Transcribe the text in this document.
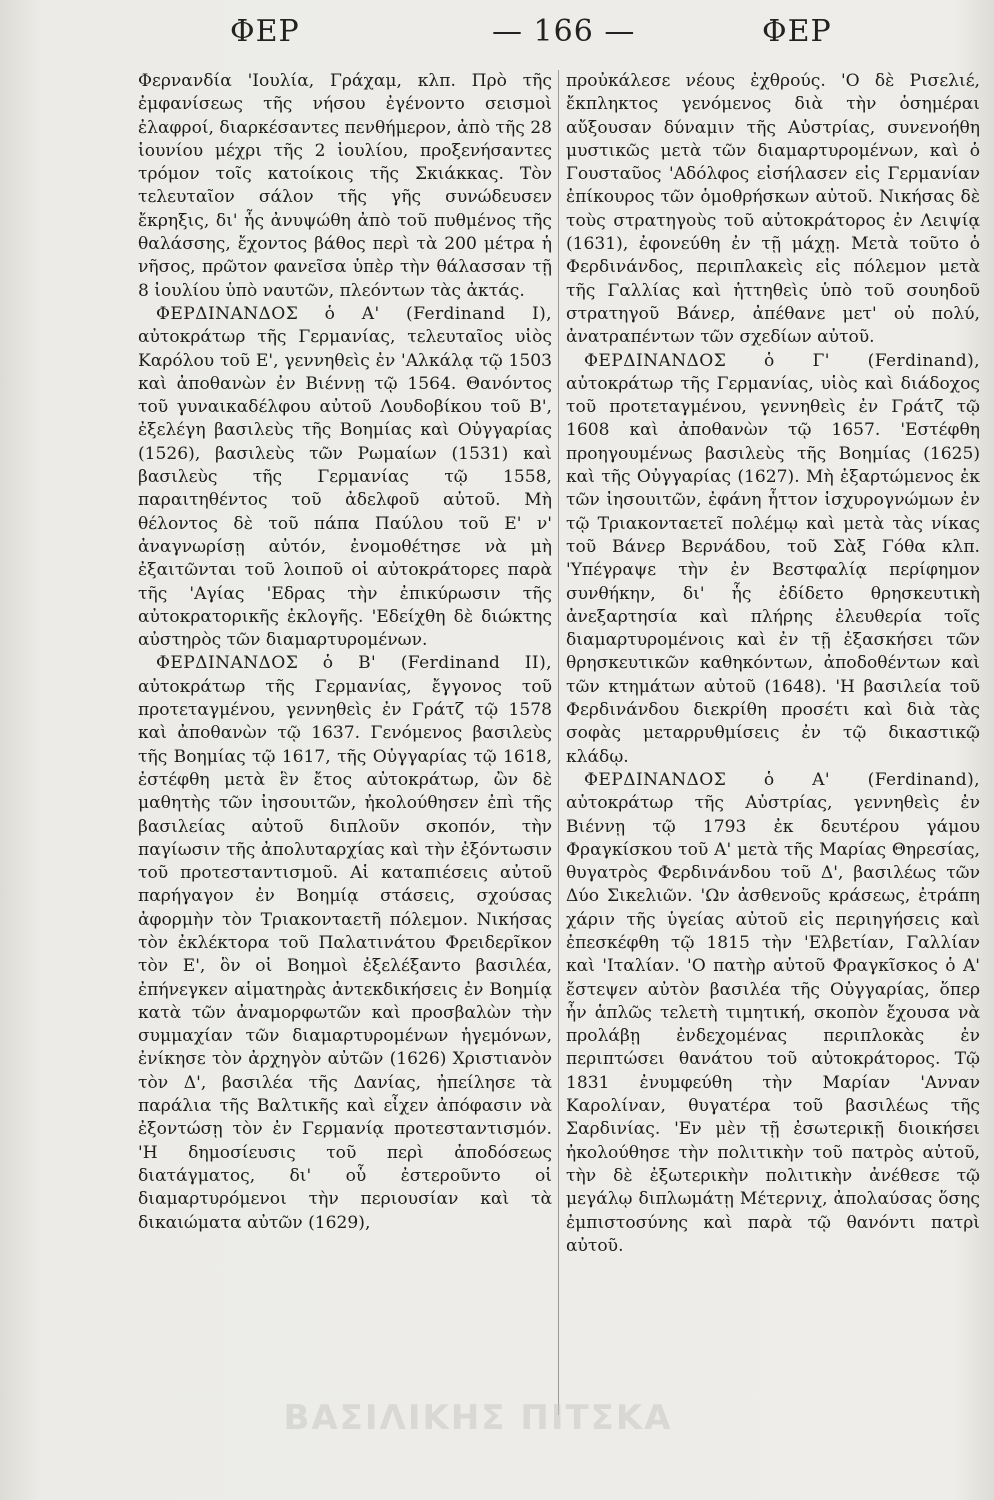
ΦΕΡ	— 166 —	ΦΕΡ

Φερνανδία 'Ιουλία, Γράχαμ, κλπ. Πρὸ τῆς ἐμφανίσεως τῆς νήσου ἐγένοντο σεισμοὶ ἐλαφροί, διαρκέσαντες πενθήμερον, ἀπὸ τῆς 28 ἰουνίου μέχρι τῆς 2 ἰουλίου, προξενήσαντες τρόμον τοῖς κατοίκοις τῆς Σκιάκκας. Τὸν τελευταῖον σάλον τῆς γῆς συνώδευσεν ἔκρηξις, δι' ἧς ἀνυψώθη ἀπὸ τοῦ πυθμένος τῆς θαλάσσης, ἔχοντος βάθος περὶ τὰ 200 μέτρα ἡ νῆσος, πρῶτον φανεῖσα ὑπὲρ τὴν θάλασσαν τῇ 8 ἰουλίου ὑπὸ ναυτῶν, πλεόντων τὰς ἀκτάς.

ΦΕΡΔΙΝΑΝΔΟΣ ὁ Α' (Ferdinand I), αὐτοκράτωρ τῆς Γερμανίας, τελευταῖος υἱὸς Καρόλου τοῦ Ε', γεννηθεὶς ἐν 'Αλκάλᾳ τῷ 1503 καὶ ἀποθανὼν ἐν Βιέννῃ τῷ 1564. Θανόντος τοῦ γυναικαδέλφου αὐτοῦ Λουδοβίκου τοῦ Β', ἐξελέγη βασιλεὺς τῆς Βοημίας καὶ Οὐγγαρίας (1526), βασιλεὺς τῶν Ρωμαίων (1531) καὶ βασιλεὺς τῆς Γερμανίας τῷ 1558, παραιτηθέντος τοῦ ἀδελφοῦ αὐτοῦ. Μὴ θέλοντος δὲ τοῦ πάπα Παύλου τοῦ Ε' ν' ἀναγνωρίσῃ αὐτόν, ἐνομοθέτησε νὰ μὴ ἐξαιτῶνται τοῦ λοιποῦ οἱ αὐτοκράτορες παρὰ τῆς 'Αγίας 'Εδρας τὴν ἐπικύρωσιν τῆς αὐτοκρατορικῆς ἐκλογῆς. 'Εδείχθη δὲ διώκτης αὐστηρὸς τῶν διαμαρτυρομένων.

ΦΕΡΔΙΝΑΝΔΟΣ ὁ Β' (Ferdinand II), αὐτοκράτωρ τῆς Γερμανίας, ἔγγονος τοῦ προτεταγμένου, γεννηθεὶς ἐν Γράτζ τῷ 1578 καὶ ἀποθανὼν τῷ 1637. Γενόμενος βασιλεὺς τῆς Βοημίας τῷ 1617, τῆς Οὐγγαρίας τῷ 1618, ἐστέφθη μετὰ ἓν ἔτος αὐτοκράτωρ, ὢν δὲ μαθητὴς τῶν ἰησουιτῶν, ἠκολούθησεν ἐπὶ τῆς βασιλείας αὐτοῦ διπλοῦν σκοπόν, τὴν παγίωσιν τῆς ἀπολυταρχίας καὶ τὴν ἐξόντωσιν τοῦ προτεσταντισμοῦ. Αἱ καταπιέσεις αὐτοῦ παρήγαγον ἐν Βοημίᾳ στάσεις, σχούσας ἀφορμὴν τὸν Τριακονταετῆ πόλεμον. Νικήσας τὸν ἐκλέκτορα τοῦ Παλατινάτου Φρειδερῖκον τὸν Ε', ὃν οἱ Βοημοὶ ἐξελέξαντο βασιλέα, ἐπήνεγκεν αἱματηρὰς ἀντεκδικήσεις ἐν Βοημίᾳ κατὰ τῶν ἀναμορφωτῶν καὶ προσβαλὼν τὴν συμμαχίαν τῶν διαμαρτυρομένων ἡγεμόνων, ἐνίκησε τὸν ἀρχηγὸν αὐτῶν (1626) Χριστιανὸν τὸν Δ', βασιλέα τῆς Δανίας, ἠπείλησε τὰ παράλια τῆς Βαλτικῆς καὶ εἶχεν ἀπόφασιν νὰ ἐξοντώσῃ τὸν ἐν Γερμανίᾳ προτεσταντισμόν. 'Η δημοσίευσις τοῦ περὶ ἀποδόσεως διατάγματος, δι' οὗ ἐστεροῦντο οἱ διαμαρτυρόμενοι τὴν περιουσίαν καὶ τὰ δικαιώματα αὐτῶν (1629),

προὐκάλεσε νέους ἐχθρούς. 'Ο δὲ Ρισελιέ, ἔκπληκτος γενόμενος διὰ τὴν ὁσημέραι αὔξουσαν δύναμιν τῆς Αὐστρίας, συνενοήθη μυστικῶς μετὰ τῶν διαμαρτυρομένων, καὶ ὁ Γουσταῦος 'Αδόλφος εἰσήλασεν εἰς Γερμανίαν ἐπίκουρος τῶν ὁμοθρήσκων αὐτοῦ. Νικήσας δὲ τοὺς στρατηγοὺς τοῦ αὐτοκράτορος ἐν Λειψίᾳ (1631), ἐφονεύθη ἐν τῇ μάχῃ. Μετὰ τοῦτο ὁ Φερδινάνδος, περιπλακεὶς εἰς πόλεμον μετὰ τῆς Γαλλίας καὶ ἡττηθεὶς ὑπὸ τοῦ σουηδοῦ στρατηγοῦ Βάνερ, ἀπέθανε μετ' οὐ πολύ, ἀνατραπέντων τῶν σχεδίων αὐτοῦ.

ΦΕΡΔΙΝΑΝΔΟΣ ὁ Γ' (Ferdinand), αὐτοκράτωρ τῆς Γερμανίας, υἱὸς καὶ διάδοχος τοῦ προτεταγμένου, γεννηθεὶς ἐν Γράτζ τῷ 1608 καὶ ἀποθανὼν τῷ 1657. 'Εστέφθη προηγουμένως βασιλεὺς τῆς Βοημίας (1625) καὶ τῆς Οὐγγαρίας (1627). Μὴ ἐξαρτώμενος ἐκ τῶν ἰησουιτῶν, ἐφάνη ἧττον ἰσχυρογνώμων ἐν τῷ Τριακονταετεῖ πολέμῳ καὶ μετὰ τὰς νίκας τοῦ Βάνερ Βερνάδου, τοῦ Σὰξ Γόθα κλπ. 'Υπέγραψε τὴν ἐν Βεστφαλίᾳ περίφημον συνθήκην, δι' ἧς ἐδίδετο θρησκευτικὴ ἀνεξαρτησία καὶ πλήρης ἐλευθερία τοῖς διαμαρτυρομένοις καὶ ἐν τῇ ἐξασκήσει τῶν θρησκευτικῶν καθηκόντων, ἀποδοθέντων καὶ τῶν κτημάτων αὐτοῦ (1648). 'Η βασιλεία τοῦ Φερδινάνδου διεκρίθη προσέτι καὶ διὰ τὰς σοφὰς μεταρρυθμίσεις ἐν τῷ δικαστικῷ κλάδῳ.

ΦΕΡΔΙΝΑΝΔΟΣ ὁ Α' (Ferdinand), αὐτοκράτωρ τῆς Αὐστρίας, γεννηθεὶς ἐν Βιέννῃ τῷ 1793 ἐκ δευτέρου γάμου Φραγκίσκου τοῦ Α' μετὰ τῆς Μαρίας Θηρεσίας, θυγατρὸς Φερδινάνδου τοῦ Δ', βασιλέως τῶν Δύο Σικελιῶν. 'Ων ἀσθενοῦς κράσεως, ἐτράπη χάριν τῆς ὑγείας αὐτοῦ εἰς περιηγήσεις καὶ ἐπεσκέφθη τῷ 1815 τὴν 'Ελβετίαν, Γαλλίαν καὶ 'Ιταλίαν. 'Ο πατὴρ αὐτοῦ Φραγκῖσκος ὁ Α' ἔστεψεν αὐτὸν βασιλέα τῆς Οὐγγαρίας, ὅπερ ἦν ἁπλῶς τελετὴ τιμητική, σκοπὸν ἔχουσα νὰ προλάβῃ ἐνδεχομένας περιπλοκὰς ἐν περιπτώσει θανάτου τοῦ αὐτοκράτορος. Τῷ 1831 ἐνυμφεύθη τὴν Μαρίαν 'Ανναν Καρολίναν, θυγατέρα τοῦ βασιλέως τῆς Σαρδινίας. 'Εν μὲν τῇ ἐσωτερικῇ διοικήσει ἠκολούθησε τὴν πολιτικὴν τοῦ πατρὸς αὐτοῦ, τὴν δὲ ἐξωτερικὴν πολιτικὴν ἀνέθεσε τῷ μεγάλῳ διπλωμάτῃ Μέτερνιχ, ἀπολαύσας ὅσης ἐμπιστοσύνης καὶ παρὰ τῷ θανόντι πατρὶ αὐτοῦ.

ΒΑΣΙΛΙΚΗΣ ΠΙΤΣΚΑ
